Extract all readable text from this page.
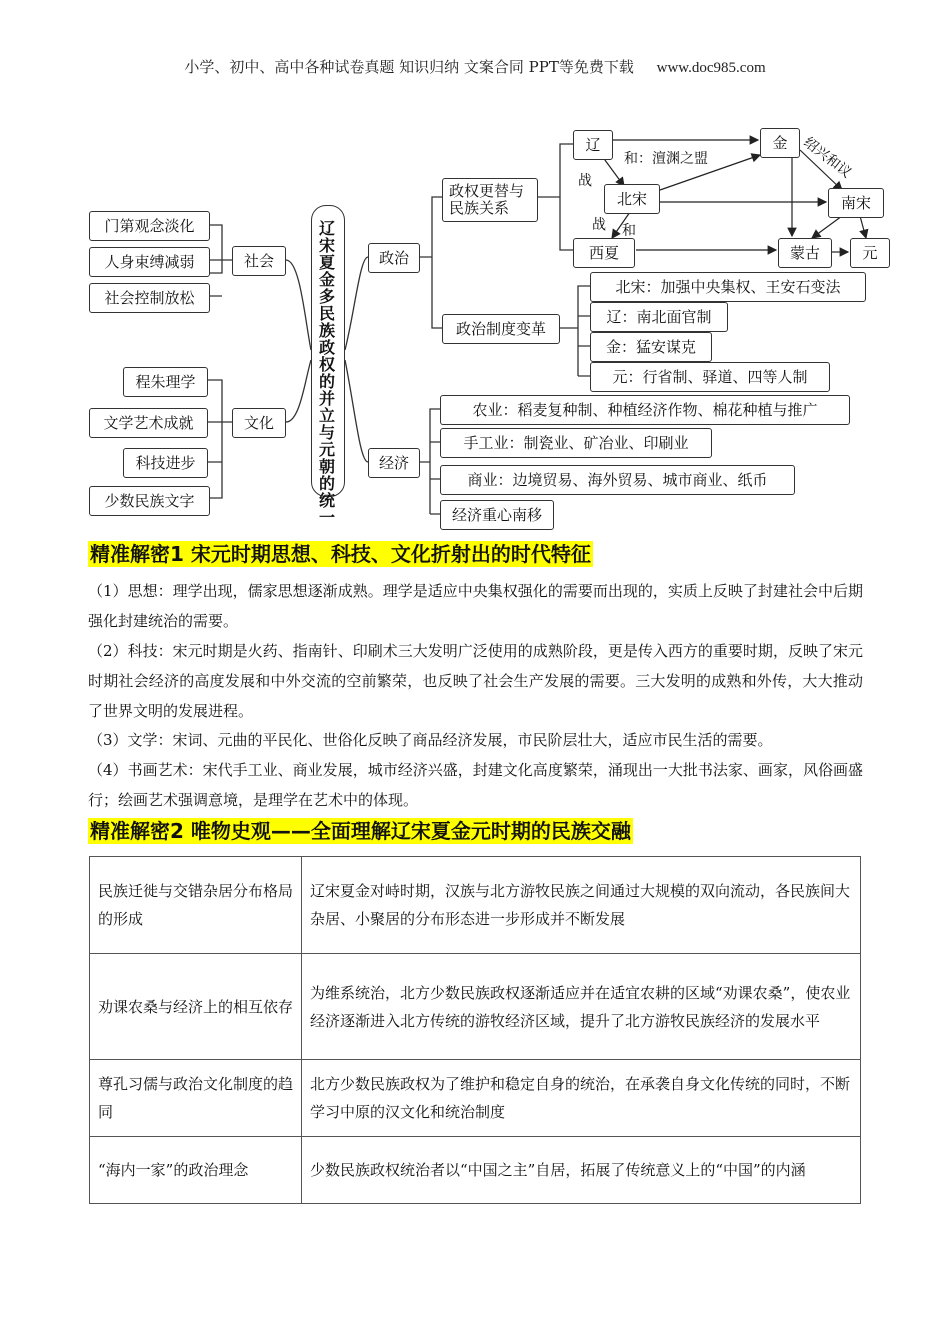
小学、初中、高中各种试卷真题 知识归纳 文案合同 PPT等免费下载 www.doc985.com
门第观念淡化
人身束缚减弱
社会控制放松
社会
程朱理学
文学艺术成就
科技进步
少数民族文字
文化
辽宋夏金多民族政权的并立与元朝的统一
政治
政权更替与
民族关系
政治制度变革
北宋：加强中央集权、王安石变法
辽：南北面官制
金：猛安谋克
元：行省制、驿道、四等人制
辽	金
北宋	南宋
西夏	蒙古	元
和：澶渊之盟
战
战 和
绍兴和议
经济
农业：稻麦复种制、种植经济作物、棉花种植与推广
手工业：制瓷业、矿冶业、印刷业
商业：边境贸易、海外贸易、城市商业、纸币
经济重心南移
精准解密1 宋元时期思想、科技、文化折射出的时代特征

（1）思想：理学出现，儒家思想逐渐成熟。理学是适应中央集权强化的需要而出现的，实质上反映了封建社会中后期强化封建统治的需要。

（2）科技：宋元时期是火药、指南针、印刷术三大发明广泛使用的成熟阶段，更是传入西方的重要时期，反映了宋元时期社会经济的高度发展和中外交流的空前繁荣，也反映了社会生产发展的需要。三大发明的成熟和外传，大大推动了世界文明的发展进程。

（3）文学：宋词、元曲的平民化、世俗化反映了商品经济发展，市民阶层壮大，适应市民生活的需要。

（4）书画艺术：宋代手工业、商业发展，城市经济兴盛，封建文化高度繁荣，涌现出一大批书法家、画家，风俗画盛行；绘画艺术强调意境，是理学在艺术中的体现。

精准解密2 唯物史观——全面理解辽宋夏金元时期的民族交融
民族迁徙与交错杂居分布格局的形成	辽宋夏金对峙时期，汉族与北方游牧民族之间通过大规模的双向流动，各民族间大杂居、小聚居的分布形态进一步形成并不断发展
劝课农桑与经济上的相互依存	为维系统治，北方少数民族政权逐渐适应并在适宜农耕的区域“劝课农桑”，使农业经济逐渐进入北方传统的游牧经济区域，提升了北方游牧民族经济的发展水平
尊孔习儒与政治文化制度的趋同	北方少数民族政权为了维护和稳定自身的统治，在承袭自身文化传统的同时，不断学习中原的汉文化和统治制度
“海内一家”的政治理念	少数民族政权统治者以“中国之主”自居，拓展了传统意义上的“中国”的内涵
